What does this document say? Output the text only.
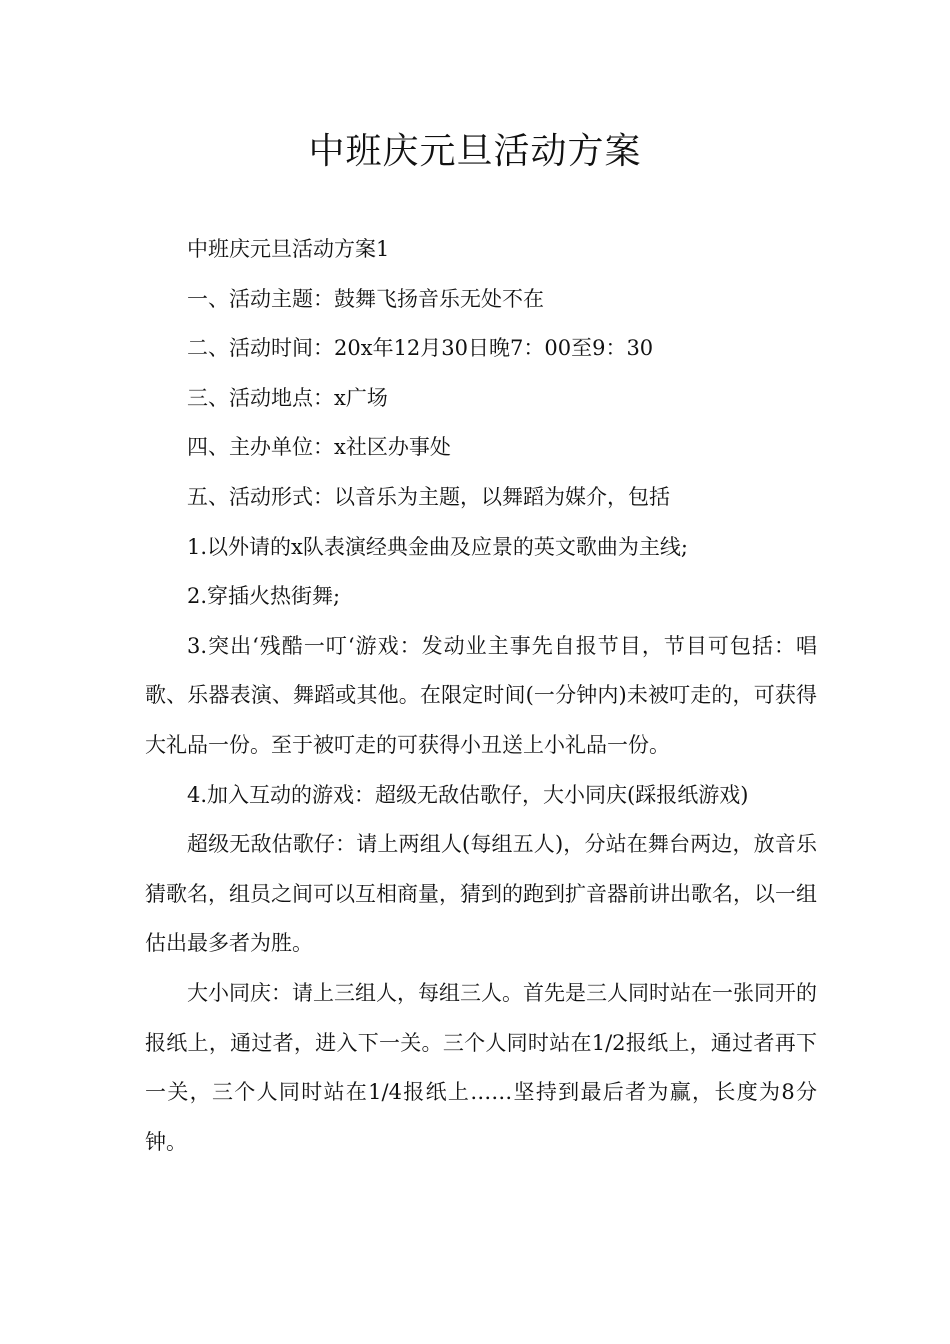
中班庆元旦活动方案

中班庆元旦活动方案1

一、活动主题：鼓舞飞扬音乐无处不在

二、活动时间：20x年12月30日晚7：00至9：30

三、活动地点：x广场

四、主办单位：x社区办事处

五、活动形式：以音乐为主题，以舞蹈为媒介，包括

1.以外请的x队表演经典金曲及应景的英文歌曲为主线;

2.穿插火热街舞;

3.突出‘残酷一叮‘游戏：发动业主事先自报节目，节目可包括：唱歌、乐器表演、舞蹈或其他。在限定时间(一分钟内)未被叮走的，可获得大礼品一份。至于被叮走的可获得小丑送上小礼品一份。

4.加入互动的游戏：超级无敌估歌仔，大小同庆(踩报纸游戏)

超级无敌估歌仔：请上两组人(每组五人)，分站在舞台两边，放音乐猜歌名，组员之间可以互相商量，猜到的跑到扩音器前讲出歌名，以一组估出最多者为胜。

大小同庆：请上三组人，每组三人。首先是三人同时站在一张同开的报纸上，通过者，进入下一关。三个人同时站在1/2报纸上，通过者再下一关，三个人同时站在1/4报纸上……坚持到最后者为赢，长度为8分钟。
